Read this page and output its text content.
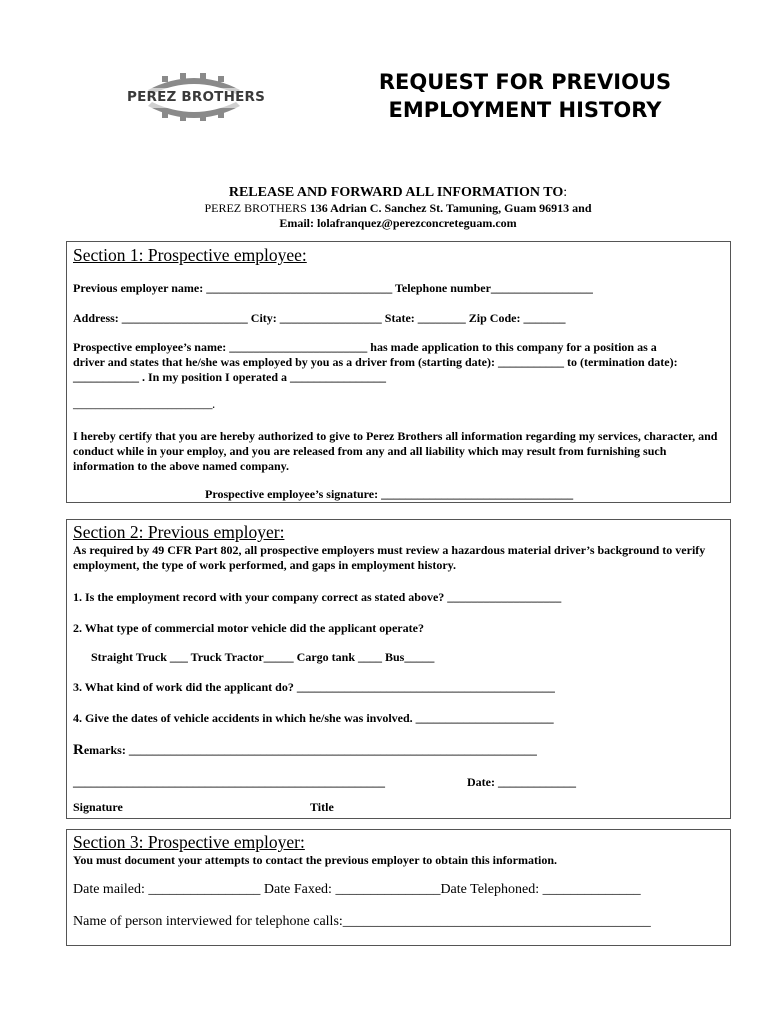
PEREZ BROTHERS
REQUEST FOR PREVIOUS
EMPLOYMENT HISTORY
RELEASE AND FORWARD ALL INFORMATION TO:
PEREZ BROTHERS 136 Adrian C. Sanchez St. Tamuning, Guam 96913 and
Email: lolafranquez@perezconcreteguam.com
Section 1: Prospective employee:
Previous employer name: _______________________________ Telephone number_________________
Address: _____________________ City: _________________ State: ________ Zip Code: _______
Prospective employee’s name: _______________________ has made application to this company for a position as a
driver and states that he/she was employed by you as a driver from (starting date): ___________ to (termination date):
___________ . In my position I operated a ________________
_______________________________.
I hereby certify that you are hereby authorized to give to Perez Brothers all information regarding my services, character, and conduct while in your employ, and you are released from any and all liability which may result from furnishing such information to the above named company.
Prospective employee’s signature: ________________________________
Section 2: Previous employer:
As required by 49 CFR Part 802, all prospective employers must review a hazardous material driver’s background to verify employment, the type of work performed, and gaps in employment history.
1. Is the employment record with your company correct as stated above? ___________________
2. What type of commercial motor vehicle did the applicant operate?
Straight Truck ___ Truck Tractor_____ Cargo tank ____ Bus_____
3. What kind of work did the applicant do? ___________________________________________
4. Give the dates of vehicle accidents in which he/she was involved. _______________________
Remarks: ____________________________________________________________________
____________________________________________________	Date: _____________
Signature	Title
Section 3: Prospective employer:
You must document your attempts to contact the previous employer to obtain this information.
Date mailed: ________________ Date Faxed: _______________Date Telephoned: ______________
Name of person interviewed for telephone calls:____________________________________________
